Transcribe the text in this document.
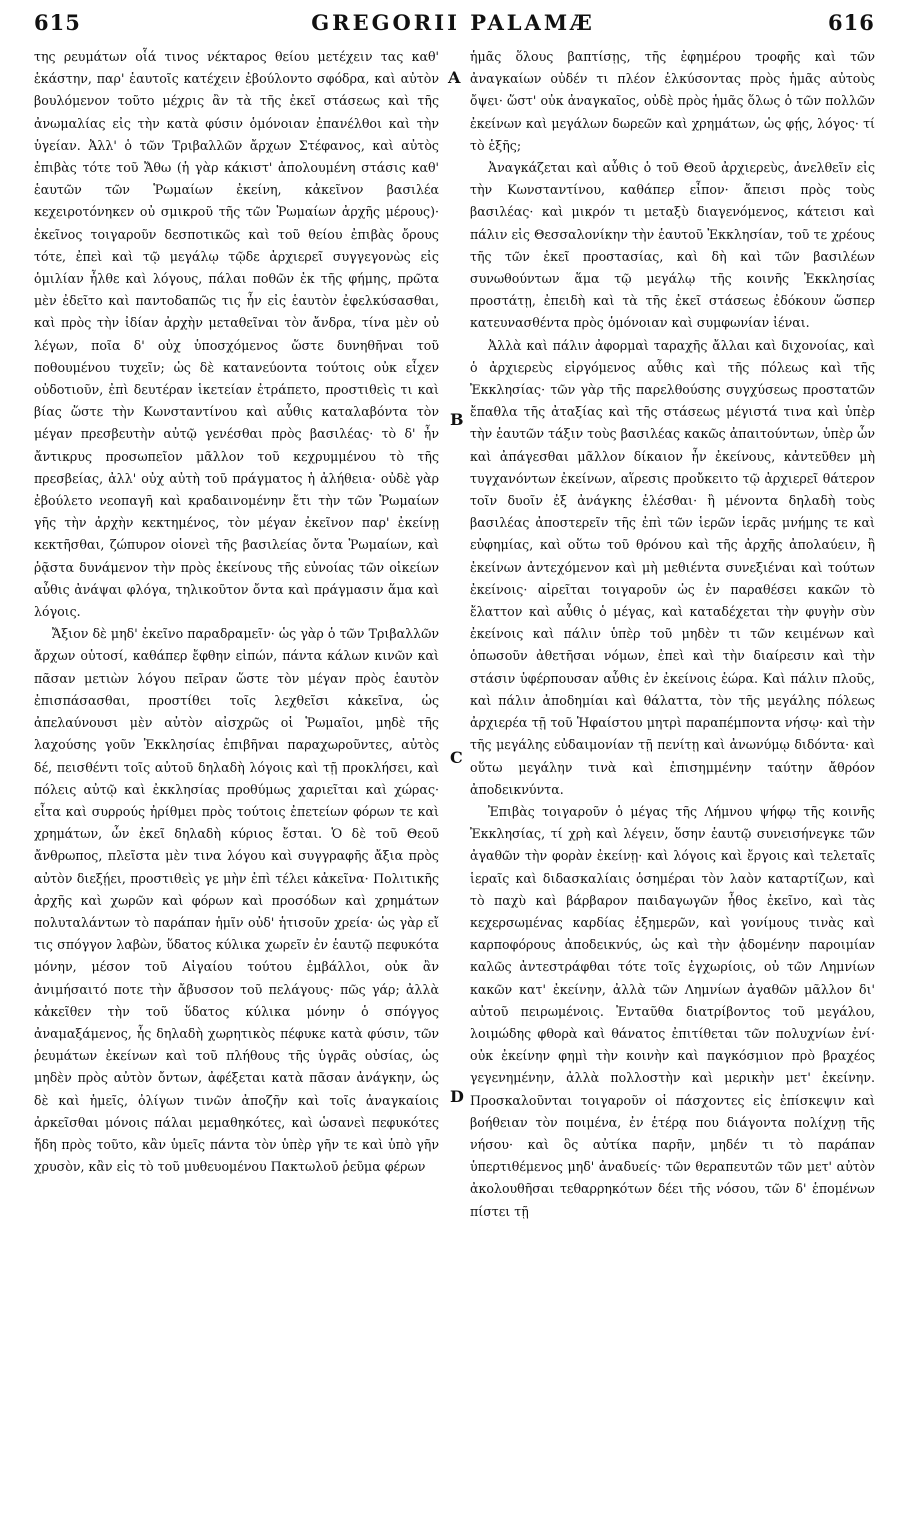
615	GREGORII PALAMÆ	616

της ρευμάτων οἷά τινος νέκταρος θείου μετέχειν τας καθ' ἑκάστην, παρ' ἑαυτοῖς κατέχειν ἐβούλοντο σφόδρα, καὶ αὐτὸν βουλόμενον τοῦτο μέχρις ἂν τὰ τῆς ἐκεῖ στάσεως καὶ τῆς ἀνωμαλίας εἰς τὴν κατὰ φύσιν ὁμόνοιαν ἐπανέλθοι καὶ τὴν ὑγείαν. Ἀλλ' ὁ τῶν Τριβαλλῶν ἄρχων Στέφανος, καὶ αὐτὸς ἐπιβὰς τότε τοῦ Ἄθω (ἡ γὰρ κάκιστ' ἀπολουμένη στάσις καθ' ἑαυτῶν τῶν Ῥωμαίων ἐκείνη, κἀκεῖνον βασιλέα κεχειροτόνηκεν οὐ σμικροῦ τῆς τῶν Ῥωμαίων ἀρχῆς μέρους)· ἐκεῖνος τοιγαροῦν δεσποτικῶς καὶ τοῦ θείου ἐπιβὰς ὄρους τότε, ἐπεὶ καὶ τῷ μεγάλῳ τῷδε ἀρχιερεῖ συγγεγονὼς εἰς ὁμιλίαν ἦλθε καὶ λόγους, πάλαι ποθῶν ἐκ τῆς φήμης, πρῶτα μὲν ἐδεῖτο καὶ παντοδαπῶς τις ἦν εἰς ἑαυτὸν ἐφελκύσασθαι, καὶ πρὸς τὴν ἰδίαν ἀρχὴν μεταθεῖναι τὸν ἄνδρα, τίνα μὲν οὐ λέγων, ποῖα δ' οὐχ ὑποσχόμενος ὥστε δυνηθῆναι τοῦ ποθουμένου τυχεῖν; ὡς δὲ κατανεύοντα τούτοις οὐκ εἶχεν οὐδοτιοῦν, ἐπὶ δευτέραν ἱκετείαν ἐτράπετο, προστιθεὶς τι καὶ βίας ὥστε τὴν Κωνσταντίνου καὶ αὖθις καταλαβόντα τὸν μέγαν πρεσβευτὴν αὐτῷ γενέσθαι πρὸς βασιλέας· τὸ δ' ἦν ἄντικρυς προσωπεῖον μᾶλλον τοῦ κεχρυμμένου τὸ τῆς πρεσβείας, ἀλλ' οὐχ αὐτὴ τοῦ πράγματος ἡ ἀλήθεια· οὐδὲ γὰρ ἐβούλετο νεοπαγῆ καὶ κραδαινομένην ἔτι τὴν τῶν Ῥωμαίων γῆς τὴν ἀρχὴν κεκτημένος, τὸν μέγαν ἐκεῖνον παρ' ἐκείνῃ κεκτῆσθαι, ζώπυρον οἱονεὶ τῆς βασιλείας ὄντα Ῥωμαίων, καὶ ῥᾷστα δυνάμενον τὴν πρὸς ἐκείνους τῆς εὐνοίας τῶν οἰκείων αὖθις ἀνάψαι φλόγα, τηλικοῦτον ὄντα καὶ πράγμασιν ἅμα καὶ λόγοις.

Ἄξιον δὲ μηδ' ἐκεῖνο παραδραμεῖν· ὡς γὰρ ὁ τῶν Τριβαλλῶν ἄρχων οὑτοσί, καθάπερ ἔφθην εἰπών, πάντα κάλων κινῶν καὶ πᾶσαν μετιὼν λόγου πεῖραν ὥστε τὸν μέγαν πρὸς ἑαυτὸν ἐπισπάσασθαι, προστίθει τοῖς λεχθεῖσι κἀκεῖνα, ὡς ἀπελαύνουσι μὲν αὐτὸν αἰσχρῶς οἱ Ῥωμαῖοι, μηδὲ τῆς λαχούσης γοῦν Ἐκκλησίας ἐπιβῆναι παραχωροῦντες, αὐτὸς δέ, πεισθέντι τοῖς αὐτοῦ δηλαδὴ λόγοις καὶ τῇ προκλήσει, καὶ πόλεις αὐτῷ καὶ ἐκκλησίας προθύμως χαριεῖται καὶ χώρας· εἶτα καὶ συρρούς ἠρίθμει πρὸς τούτοις ἐπετείων φόρων τε καὶ χρημάτων, ὧν ἐκεῖ δηλαδὴ κύριος ἔσται. Ὁ δὲ τοῦ Θεοῦ ἄνθρωπος, πλεῖστα μὲν τινα λόγου καὶ συγγραφῆς ἄξια πρὸς αὐτὸν διεξῄει, προστιθεὶς γε μὴν ἐπὶ τέλει κἀκεῖνα· Πολιτικῆς ἀρχῆς καὶ χωρῶν καὶ φόρων καὶ προσόδων καὶ χρημάτων πολυταλάντων τὸ παράπαν ἡμῖν οὐδ' ἡτισοῦν χρεία· ὡς γὰρ εἴ τις σπόγγον λαβὼν, ὕδατος κύλικα χωρεῖν ἐν ἑαυτῷ πεφυκότα μόνην, μέσον τοῦ Αἰγαίου τούτου ἐμβάλλοι, οὐκ ἂν ἀνιμήσαιτό ποτε τὴν ἄβυσσον τοῦ πελάγους· πῶς γάρ; ἀλλὰ κἀκεῖθεν τὴν τοῦ ὕδατος κύλικα μόνην ὁ σπόγγος ἀναμαξάμενος, ἧς δηλαδὴ χωρητικὸς πέφυκε κατὰ φύσιν, τῶν ῥευμάτων ἐκείνων καὶ τοῦ πλήθους τῆς ὑγρᾶς οὐσίας, ὡς μηδὲν πρὸς αὐτὸν ὄντων, ἀφέξεται κατὰ πᾶσαν ἀνάγκην, ὡς δὲ καὶ ἡμεῖς, ὀλίγων τινῶν ἀποζῆν καὶ τοῖς ἀναγκαίοις ἀρκεῖσθαι μόνοις πάλαι μεμαθηκότες, καὶ ὡσανεὶ πεφυκότες ἤδη πρὸς τοῦτο, κἂν ὑμεῖς πάντα τὸν ὑπὲρ γῆν τε καὶ ὑπὸ γῆν χρυσὸν, κἂν εἰς τὸ τοῦ μυθευομένου Πακτωλοῦ ῥεῦμα φέρων

A
B
C
D

ἡμᾶς ὅλους βαπτίσῃς, τῆς ἐφημέρου τροφῆς καὶ τῶν ἀναγκαίων οὐδέν τι πλέον ἑλκύσοντας πρὸς ἡμᾶς αὐτοὺς ὄψει· ὥστ' οὐκ ἀναγκαῖος, οὐδὲ πρὸς ἡμᾶς ὅλως ὁ τῶν πολλῶν ἐκείνων καὶ μεγάλων δωρεῶν καὶ χρημάτων, ὡς φῄς, λόγος· τί τὸ ἑξῆς;

Ἀναγκάζεται καὶ αὖθις ὁ τοῦ Θεοῦ ἀρχιερεὺς, ἀνελθεῖν εἰς τὴν Κωνσταντίνου, καθάπερ εἶπον· ἄπεισι πρὸς τοὺς βασιλέας· καὶ μικρόν τι μεταξὺ διαγενόμενος, κάτεισι καὶ πάλιν εἰς Θεσσαλονίκην τὴν ἑαυτοῦ Ἐκκλησίαν, τοῦ τε χρέους τῆς τῶν ἐκεῖ προστασίας, καὶ δὴ καὶ τῶν βασιλέων συνωθούντων ἅμα τῷ μεγάλῳ τῆς κοινῆς Ἐκκλησίας προστάτῃ, ἐπειδὴ καὶ τὰ τῆς ἐκεῖ στάσεως ἐδόκουν ὥσπερ κατευνασθέντα πρὸς ὁμόνοιαν καὶ συμφωνίαν ἰέναι.

Ἀλλὰ καὶ πάλιν ἀφορμαὶ ταραχῆς ἄλλαι καὶ διχονοίας, καὶ ὁ ἀρχιερεὺς εἰργόμενος αὖθις καὶ τῆς πόλεως καὶ τῆς Ἐκκλησίας· τῶν γὰρ τῆς παρελθούσης συγχύσεως προστατῶν ἔπαθλα τῆς ἀταξίας καὶ τῆς στάσεως μέγιστά τινα καὶ ὑπὲρ τὴν ἑαυτῶν τάξιν τοὺς βασιλέας κακῶς ἀπαιτούντων, ὑπὲρ ὧν καὶ ἀπάγεσθαι μᾶλλον δίκαιον ἦν ἐκείνους, κἀντεῦθεν μὴ τυγχανόντων ἐκείνων, αἵρεσις προὔκειτο τῷ ἀρχιερεῖ θάτερον τοῖν δυοῖν ἐξ ἀνάγκης ἑλέσθαι· ἢ μένοντα δηλαδὴ τοὺς βασιλέας ἀποστερεῖν τῆς ἐπὶ τῶν ἱερῶν ἱερᾶς μνήμης τε καὶ εὐφημίας, καὶ οὕτω τοῦ θρόνου καὶ τῆς ἀρχῆς ἀπολαύειν, ἢ ἐκείνων ἀντεχόμενον καὶ μὴ μεθιέντα συνεξιέναι καὶ τούτων ἐκείνοις· αἱρεῖται τοιγαροῦν ὡς ἐν παραθέσει κακῶν τὸ ἔλαττον καὶ αὖθις ὁ μέγας, καὶ καταδέχεται τὴν φυγὴν σὺν ἐκείνοις καὶ πάλιν ὑπὲρ τοῦ μηδὲν τι τῶν κειμένων καὶ ὁπωσοῦν ἀθετῆσαι νόμων, ἐπεὶ καὶ τὴν διαίρεσιν καὶ τὴν στάσιν ὑφέρπουσαν αὖθις ἐν ἐκείνοις ἑώρα. Καὶ πάλιν πλοῦς, καὶ πάλιν ἀποδημίαι καὶ θάλαττα, τὸν τῆς μεγάλης πόλεως ἀρχιερέα τῇ τοῦ Ἡφαίστου μητρὶ παραπέμποντα νήσῳ· καὶ τὴν τῆς μεγάλης εὐδαιμονίαν τῇ πενίτῃ καὶ ἀνωνύμῳ διδόντα· καὶ οὕτω μεγάλην τινὰ καὶ ἐπισημμένην ταύτην ἄθρόον ἀποδεικνύντα.

Ἐπιβὰς τοιγαροῦν ὁ μέγας τῆς Λήμνου ψήφῳ τῆς κοινῆς Ἐκκλησίας, τί χρὴ καὶ λέγειν, ὅσην ἑαυτῷ συνεισήνεγκε τῶν ἀγαθῶν τὴν φορὰν ἐκείνῃ· καὶ λόγοις καὶ ἔργοις καὶ τελεταῖς ἱεραῖς καὶ διδασκαλίαις ὁσημέραι τὸν λαὸν καταρτίζων, καὶ τὸ παχὺ καὶ βάρβαρον παιδαγωγῶν ἦθος ἐκεῖνο, καὶ τὰς κεχερσωμένας καρδίας ἐξημερῶν, καὶ γονίμους τινὰς καὶ καρποφόρους ἀποδεικνύς, ὡς καὶ τὴν ᾀδομένην παροιμίαν καλῶς ἀντεστράφθαι τότε τοῖς ἐγχωρίοις, οὐ τῶν Λημνίων κακῶν κατ' ἐκείνην, ἀλλὰ τῶν Λημνίων ἀγαθῶν μᾶλλον δι' αὐτοῦ πειρωμένοις. Ἐνταῦθα διατρίβοντος τοῦ μεγάλου, λοιμώδης φθορὰ καὶ θάνατος ἐπιτίθεται τῶν πολυχνίων ἐνί· οὐκ ἐκείνην φημὶ τὴν κοινὴν καὶ παγκόσμιον πρὸ βραχέος γεγενημένην, ἀλλὰ πολλοστὴν καὶ μερικὴν μετ' ἐκείνην. Προσκαλοῦνται τοιγαροῦν οἱ πάσχοντες εἰς ἐπίσκεψιν καὶ βοήθειαν τὸν ποιμένα, ἐν ἑτέρᾳ που διάγοντα πολίχνῃ τῆς νήσου· καὶ ὃς αὐτίκα παρῆν, μηδέν τι τὸ παράπαν ὑπερτιθέμενος μηδ' ἀναδυείς· τῶν θεραπευτῶν τῶν μετ' αὐτὸν ἀκολουθῆσαι τεθαρρηκότων δέει τῆς νόσου, τῶν δ' ἑπομένων πίστει τῇ
